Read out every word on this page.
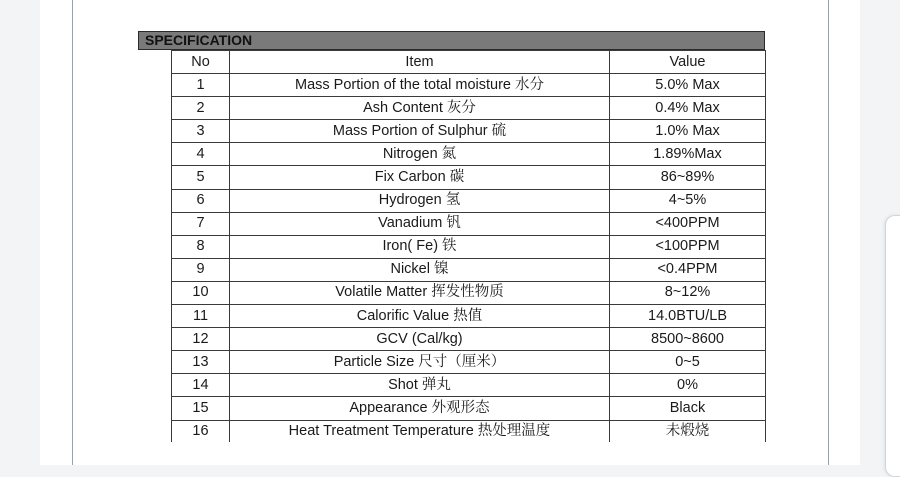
SPECIFICATION
No	Item	Value
1	Mass Portion of the total moisture 水分	5.0% Max
2	Ash Content 灰分	0.4% Max
3	Mass Portion of Sulphur 硫	1.0% Max
4	Nitrogen 氮	1.89%Max
5	Fix Carbon 碳	86~89%
6	Hydrogen 氢	4~5%
7	Vanadium 钒	<400PPM
8	Iron( Fe) 铁	<100PPM
9	Nickel 镍	<0.4PPM
10	Volatile Matter 挥发性物质	8~12%
11	Calorific Value 热值	14.0BTU/LB
12	GCV (Cal/kg)	8500~8600
13	Particle Size 尺寸（厘米）	0~5
14	Shot 弹丸	0%
15	Appearance 外观形态	Black
16	Heat Treatment Temperature 热处理温度	未煅烧
